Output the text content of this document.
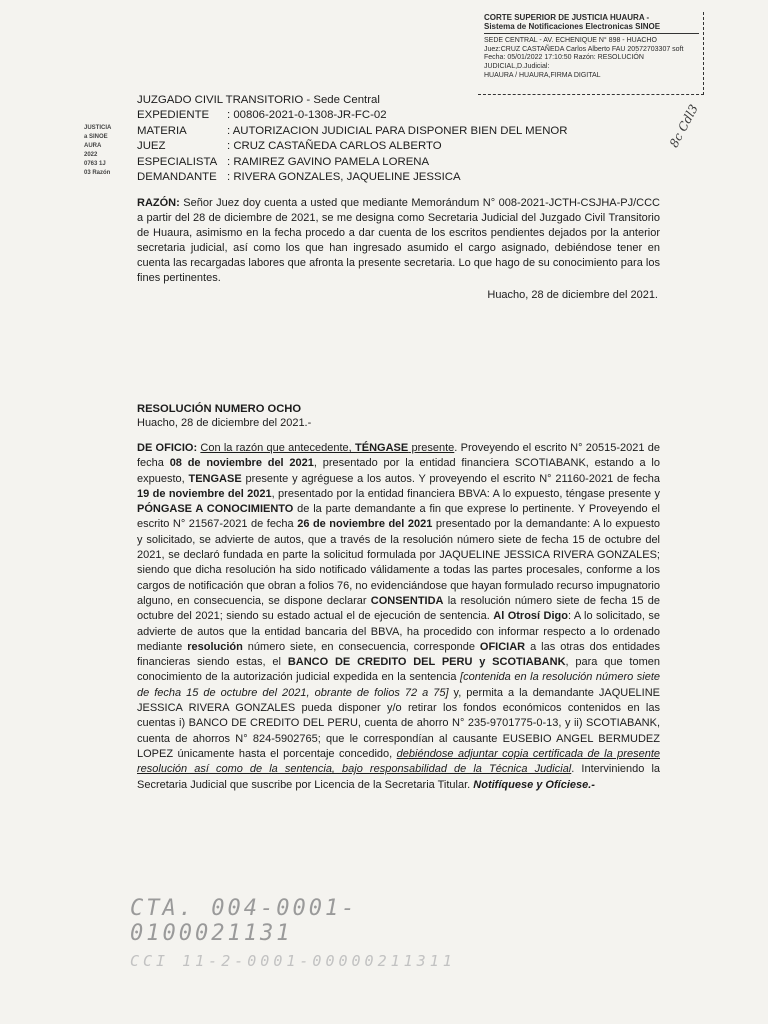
CORTE SUPERIOR DE JUSTICIA HUAURA -
Sistema de Notificaciones Electronicas SINOE
SEDE CENTRAL - AV. ECHENIQUE N° 898 - HUACHO
Juez:CRUZ CASTAÑEDA Carlos Alberto FAU 20572703307 soft
Fecha: 05/01/2022 17:10:50 Razón: RESOLUCIÓN JUDICIAL,D.Judicial:
HUAURA / HUAURA,FIRMA DIGITAL
8c Cdl3
JUSTICIA
a SINOE
AURA
2022
0763 1J
03 Razón
JUZGADO CIVIL TRANSITORIO - Sede Central
EXPEDIENTE	: 00806-2021-0-1308-JR-FC-02
MATERIA	: AUTORIZACION JUDICIAL PARA DISPONER BIEN DEL MENOR
JUEZ	: CRUZ CASTAÑEDA CARLOS ALBERTO
ESPECIALISTA : RAMIREZ GAVINO PAMELA LORENA
DEMANDANTE : RIVERA GONZALES, JAQUELINE JESSICA
RAZÓN: Señor Juez doy cuenta a usted que mediante Memorándum N° 008-2021-JCTH-CSJHA-PJ/CCC a partir del 28 de diciembre de 2021, se me designa como Secretaria Judicial del Juzgado Civil Transitorio de Huaura, asimismo en la fecha procedo a dar cuenta de los escritos pendientes dejados por la anterior secretaria judicial, así como los que han ingresado asumido el cargo asignado, debiéndose tener en cuenta las recargadas labores que afronta la presente secretaria. Lo que hago de su conocimiento para los fines pertinentes.
Huacho, 28 de diciembre del 2021.
RESOLUCIÓN NUMERO OCHO
Huacho, 28 de diciembre del 2021.-
DE OFICIO: Con la razón que antecedente, TÉNGASE presente. Proveyendo el escrito N° 20515-2021 de fecha 08 de noviembre del 2021, presentado por la entidad financiera SCOTIABANK, estando a lo expuesto, TENGASE presente y agréguese a los autos. Y proveyendo el escrito N° 21160-2021 de fecha 19 de noviembre del 2021, presentado por la entidad financiera BBVA: A lo expuesto, téngase presente y PÓNGASE A CONOCIMIENTO de la parte demandante a fin que exprese lo pertinente. Y Proveyendo el escrito N° 21567-2021 de fecha 26 de noviembre del 2021 presentado por la demandante: A lo expuesto y solicitado, se advierte de autos, que a través de la resolución número siete de fecha 15 de octubre del 2021, se declaró fundada en parte la solicitud formulada por JAQUELINE JESSICA RIVERA GONZALES; siendo que dicha resolución ha sido notificado válidamente a todas las partes procesales, conforme a los cargos de notificación que obran a folios 76, no evidenciándose que hayan formulado recurso impugnatorio alguno, en consecuencia, se dispone declarar CONSENTIDA la resolución número siete de fecha 15 de octubre del 2021; siendo su estado actual el de ejecución de sentencia. Al Otrosí Digo: A lo solicitado, se advierte de autos que la entidad bancaria del BBVA, ha procedido con informar respecto a lo ordenado mediante resolución número siete, en consecuencia, corresponde OFICIAR a las otras dos entidades financieras siendo estas, el BANCO DE CREDITO DEL PERU y SCOTIABANK, para que tomen conocimiento de la autorización judicial expedida en la sentencia [contenida en la resolución número siete de fecha 15 de octubre del 2021, obrante de folios 72 a 75] y, permita a la demandante JAQUELINE JESSICA RIVERA GONZALES pueda disponer y/o retirar los fondos económicos contenidos en las cuentas i) BANCO DE CREDITO DEL PERU, cuenta de ahorro N° 235-9701775-0-13, y ii) SCOTIABANK, cuenta de ahorros N° 824-5902765; que le correspondían al causante EUSEBIO ANGEL BERMUDEZ LOPEZ únicamente hasta el porcentaje concedido, debiéndose adjuntar copia certificada de la presente resolución así como de la sentencia, bajo responsabilidad de la Técnica Judicial. Interviniendo la Secretaria Judicial que suscribe por Licencia de la Secretaria Titular. Notifíquese y Ofíciese.-
CTA. 004-0001-0100021131
CCI 11-2-0001-00000211311
